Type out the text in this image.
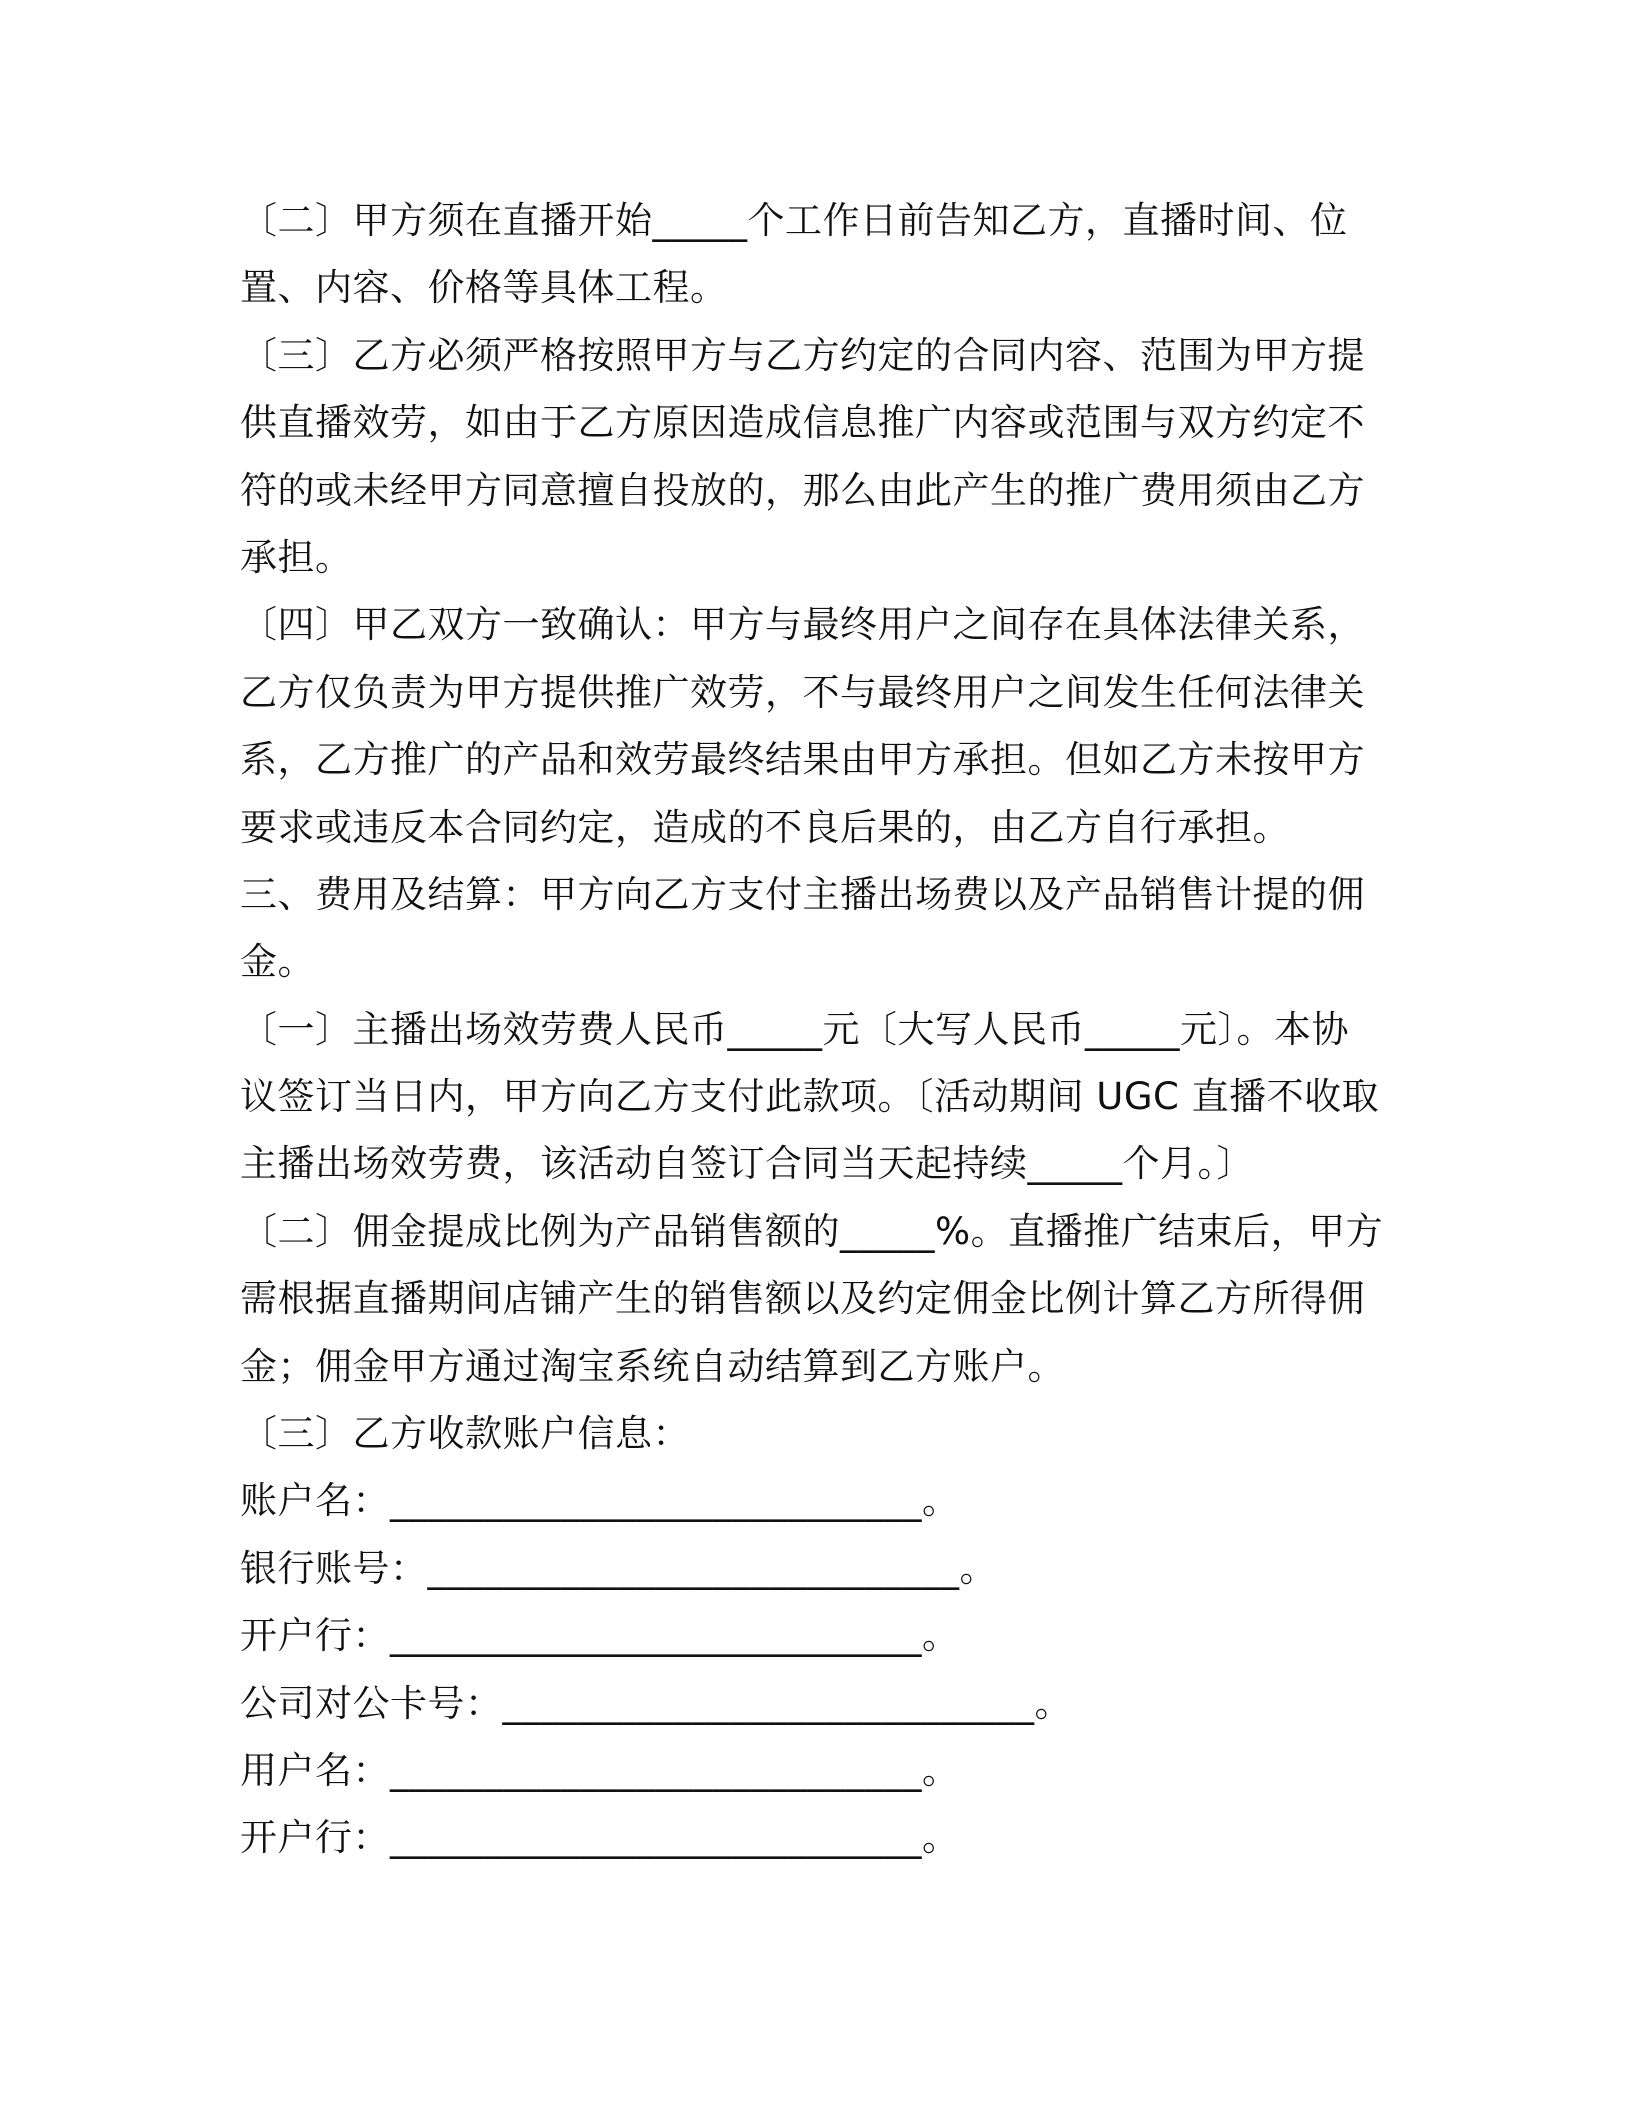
〔二〕甲方须在直播开始_____个工作日前告知乙方，直播时间、位
置、内容、价格等具体工程。
〔三〕乙方必须严格按照甲方与乙方约定的合同内容、范围为甲方提
供直播效劳，如由于乙方原因造成信息推广内容或范围与双方约定不
符的或未经甲方同意擅自投放的，那么由此产生的推广费用须由乙方
承担。
〔四〕甲乙双方一致确认：甲方与最终用户之间存在具体法律关系，
乙方仅负责为甲方提供推广效劳，不与最终用户之间发生任何法律关
系，乙方推广的产品和效劳最终结果由甲方承担。但如乙方未按甲方
要求或违反本合同约定，造成的不良后果的，由乙方自行承担。
三、费用及结算：甲方向乙方支付主播出场费以及产品销售计提的佣
金。
〔一〕主播出场效劳费人民币_____元〔大写人民币_____元〕。本协
议签订当日内，甲方向乙方支付此款项。〔活动期间 UGC 直播不收取
主播出场效劳费，该活动自签订合同当天起持续_____个月。〕
〔二〕佣金提成比例为产品销售额的_____%。直播推广结束后，甲方
需根据直播期间店铺产生的销售额以及约定佣金比例计算乙方所得佣
金；佣金甲方通过淘宝系统自动结算到乙方账户。
〔三〕乙方收款账户信息：
账户名：____________________________。
银行账号：____________________________。
开户行：____________________________。
公司对公卡号：____________________________。
用户名：____________________________。
开户行：____________________________。
